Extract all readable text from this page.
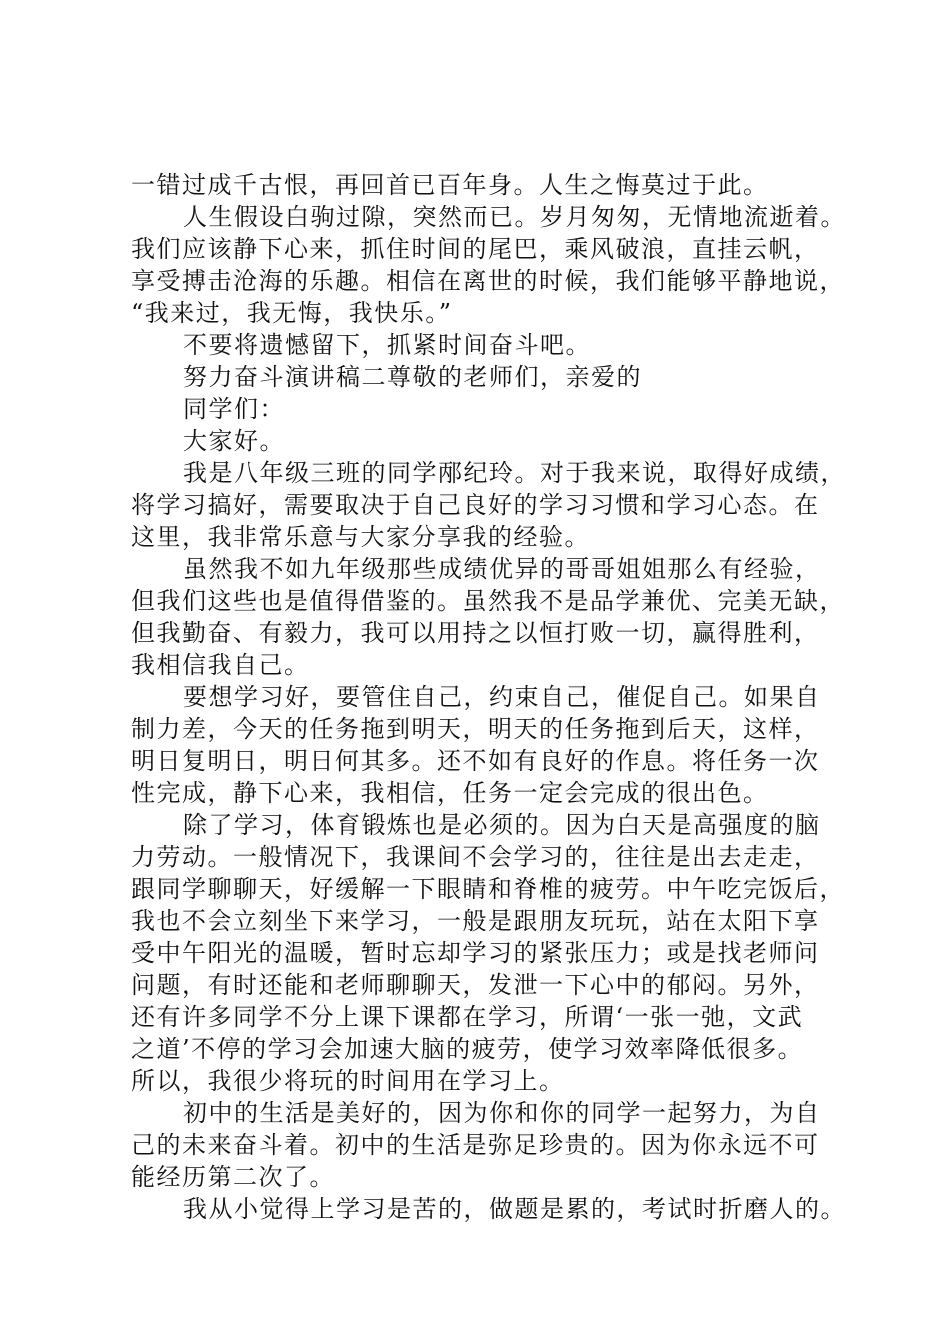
一错过成千古恨，再回首已百年身。人生之悔莫过于此。
人生假设白驹过隙，突然而已。岁月匆匆，无情地流逝着。
我们应该静下心来，抓住时间的尾巴，乘风破浪，直挂云帆，
享受搏击沧海的乐趣。相信在离世的时候，我们能够平静地说，
“我来过，我无悔，我快乐。”
不要将遗憾留下，抓紧时间奋斗吧。
努力奋斗演讲稿二尊敬的老师们，亲爱的
同学们：
大家好。
我是八年级三班的同学邴纪玲。对于我来说，取得好成绩，
将学习搞好，需要取决于自己良好的学习习惯和学习心态。在
这里，我非常乐意与大家分享我的经验。
虽然我不如九年级那些成绩优异的哥哥姐姐那么有经验，
但我们这些也是值得借鉴的。虽然我不是品学兼优、完美无缺，
但我勤奋、有毅力，我可以用持之以恒打败一切，赢得胜利，
我相信我自己。
要想学习好，要管住自己，约束自己，催促自己。如果自
制力差，今天的任务拖到明天，明天的任务拖到后天，这样，
明日复明日，明日何其多。还不如有良好的作息。将任务一次
性完成，静下心来，我相信，任务一定会完成的很出色。
除了学习，体育锻炼也是必须的。因为白天是高强度的脑
力劳动。一般情况下，我课间不会学习的，往往是出去走走，
跟同学聊聊天，好缓解一下眼睛和脊椎的疲劳。中午吃完饭后，
我也不会立刻坐下来学习，一般是跟朋友玩玩，站在太阳下享
受中午阳光的温暖，暂时忘却学习的紧张压力；或是找老师问
问题，有时还能和老师聊聊天，发泄一下心中的郁闷。另外，
还有许多同学不分上课下课都在学习，所谓‘一张一弛，文武
之道’不停的学习会加速大脑的疲劳，使学习效率降低很多。
所以，我很少将玩的时间用在学习上。
初中的生活是美好的，因为你和你的同学一起努力，为自
己的未来奋斗着。初中的生活是弥足珍贵的。因为你永远不可
能经历第二次了。
我从小觉得上学习是苦的，做题是累的，考试时折磨人的。
